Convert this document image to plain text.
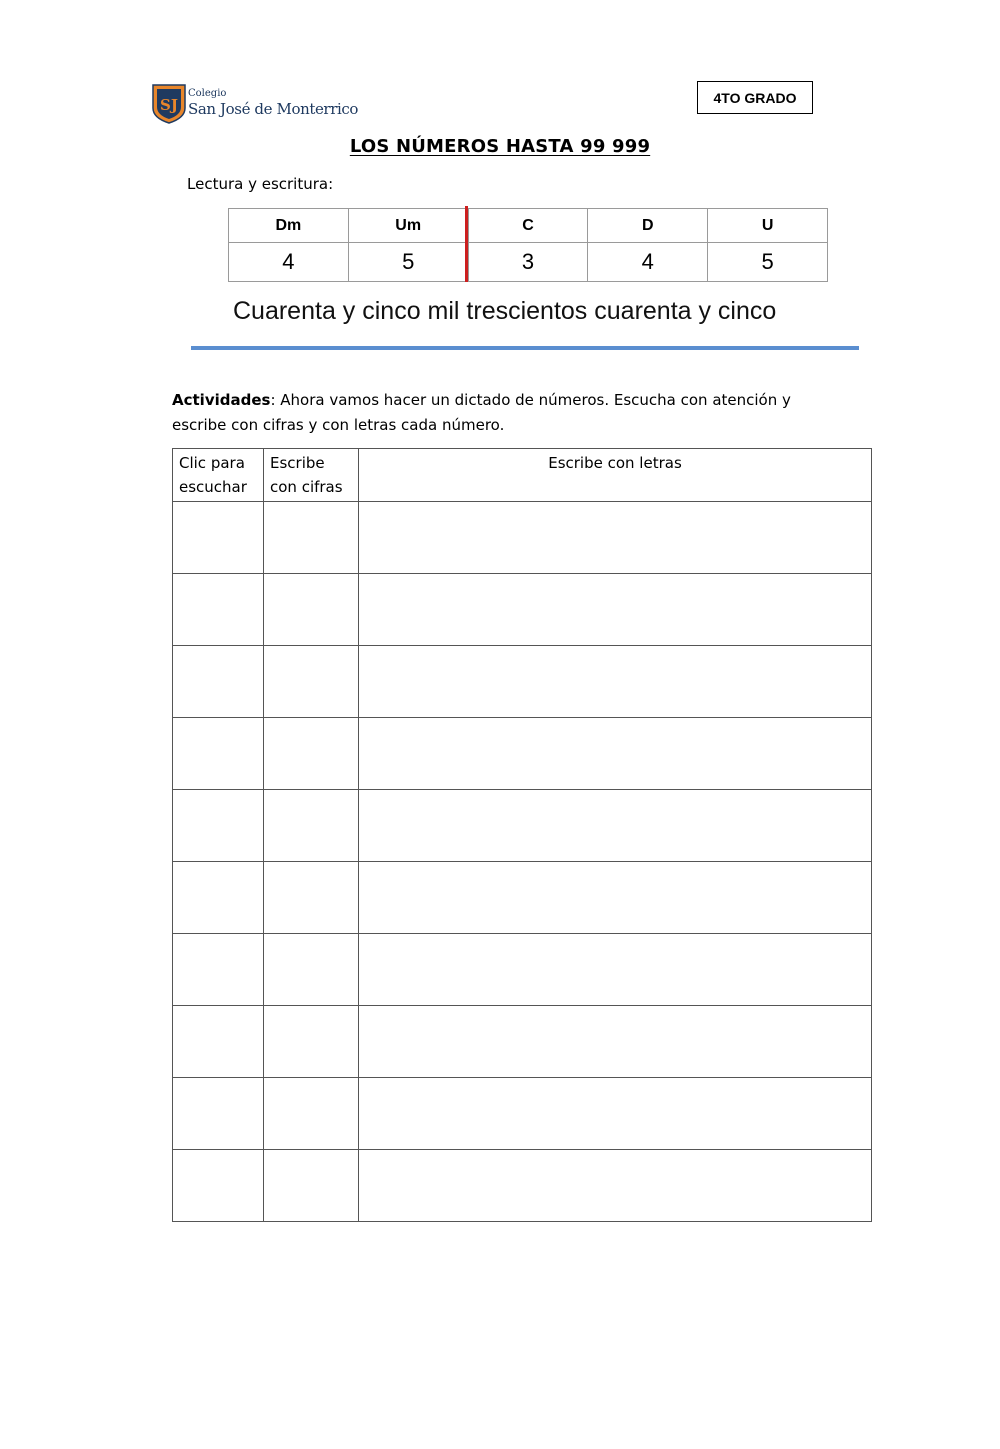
SJ
Colegio
San José de Monterrico
4TO GRADO
LOS NÚMEROS HASTA 99 999
Lectura y escritura:
Dm	Um	C	D	U
4	5	3	4	5
Cuarenta y cinco mil trescientos cuarenta y cinco
Actividades: Ahora vamos hacer un dictado de números. Escucha con atención y escribe con cifras y con letras cada número.
Clic para escuchar	Escribe con cifras	Escribe con letras
